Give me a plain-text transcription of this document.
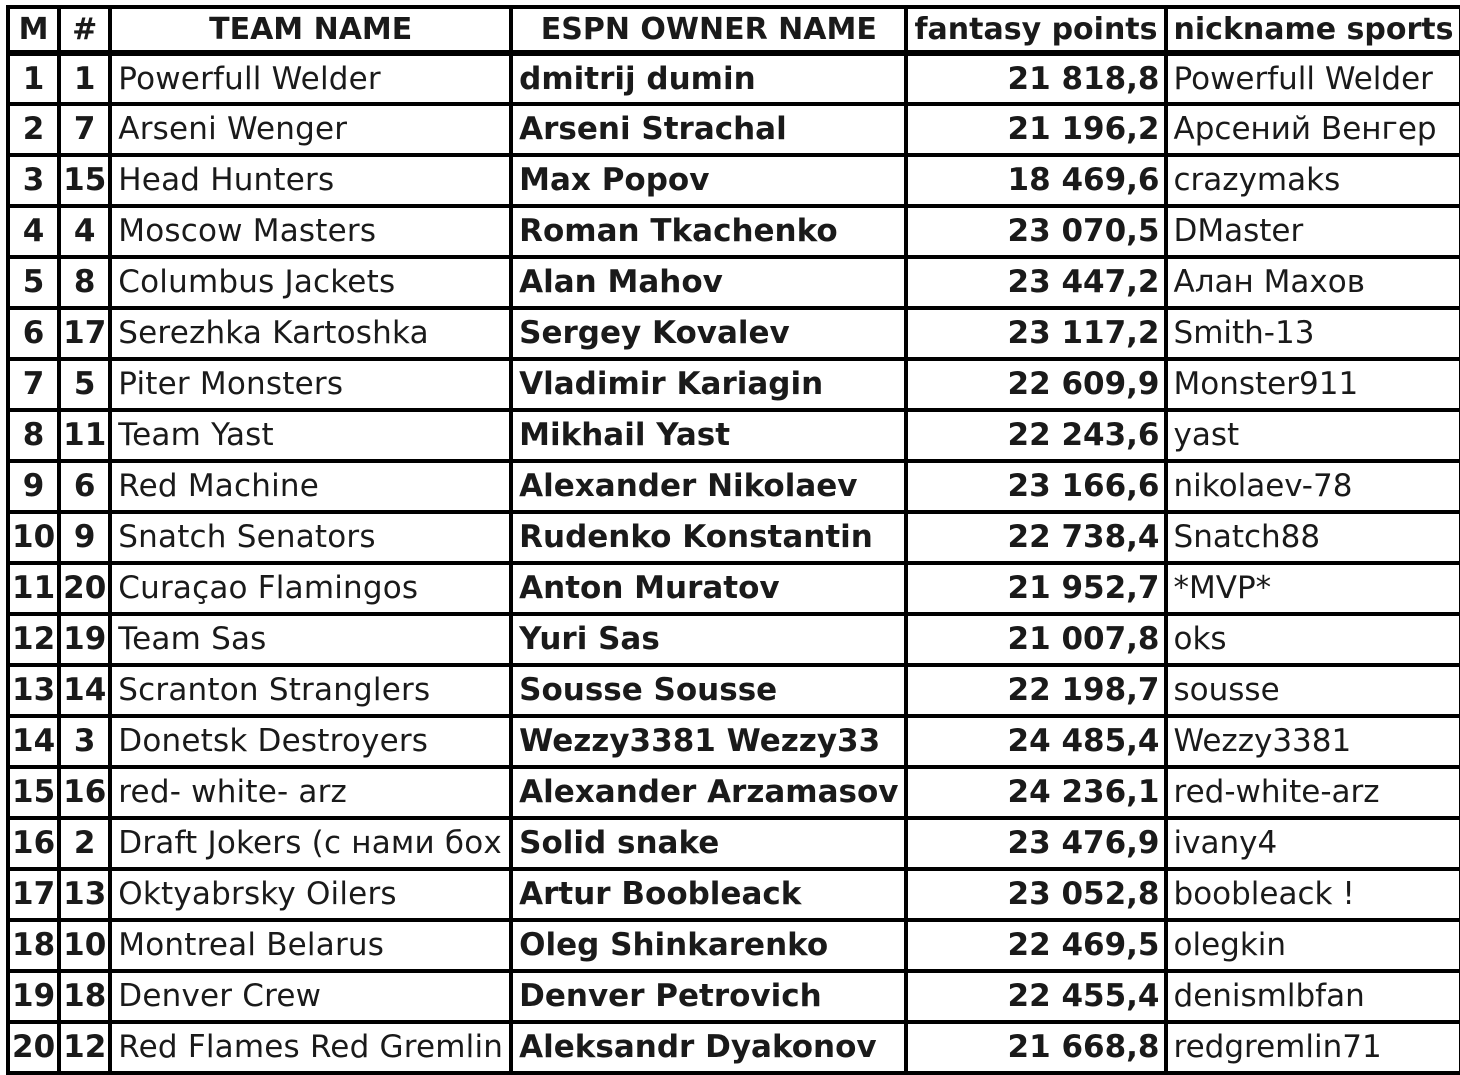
M	#	TEAM NAME	ESPN OWNER NAME	fantasy points	nickname sports
1	1	Powerfull Welder	dmitrij dumin	21 818,8	Powerfull Welder
2	7	Arseni Wenger	Arseni Strachal	21 196,2	Арсений Венгер
3	15	Head Hunters	Max Popov	18 469,6	crazymaks
4	4	Moscow Masters	Roman Tkachenko	23 070,5	DMaster
5	8	Columbus Jackets	Alan Mahov	23 447,2	Алан Махов
6	17	Serezhka Kartoshka	Sergey Kovalev	23 117,2	Smith-13
7	5	Piter Monsters	Vladimir Kariagin	22 609,9	Monster911
8	11	Team Yast	Mikhail Yast	22 243,6	yast
9	6	Red Machine	Alexander Nikolaev	23 166,6	nikolaev-78
10	9	Snatch Senators	Rudenko Konstantin	22 738,4	Snatch88
11	20	Curaçao Flamingos	Anton Muratov	21 952,7	*MVP*
12	19	Team Sas	Yuri Sas	21 007,8	oks
13	14	Scranton Stranglers	Sousse Sousse	22 198,7	sousse
14	3	Donetsk Destroyers	Wezzy3381 Wezzy33	24 485,4	Wezzy3381
15	16	red- white- arz	Alexander Arzamasov	24 236,1	red-white-arz
16	2	Draft Jokers (с нами бох	Solid snake	23 476,9	ivany4
17	13	Oktyabrsky Oilers	Artur Boobleack	23 052,8	boobleack !
18	10	Montreal Belarus	Oleg Shinkarenko	22 469,5	olegkin
19	18	Denver Crew	Denver Petrovich	22 455,4	denismlbfan
20	12	Red Flames Red Gremlin	Aleksandr Dyakonov	21 668,8	redgremlin71
